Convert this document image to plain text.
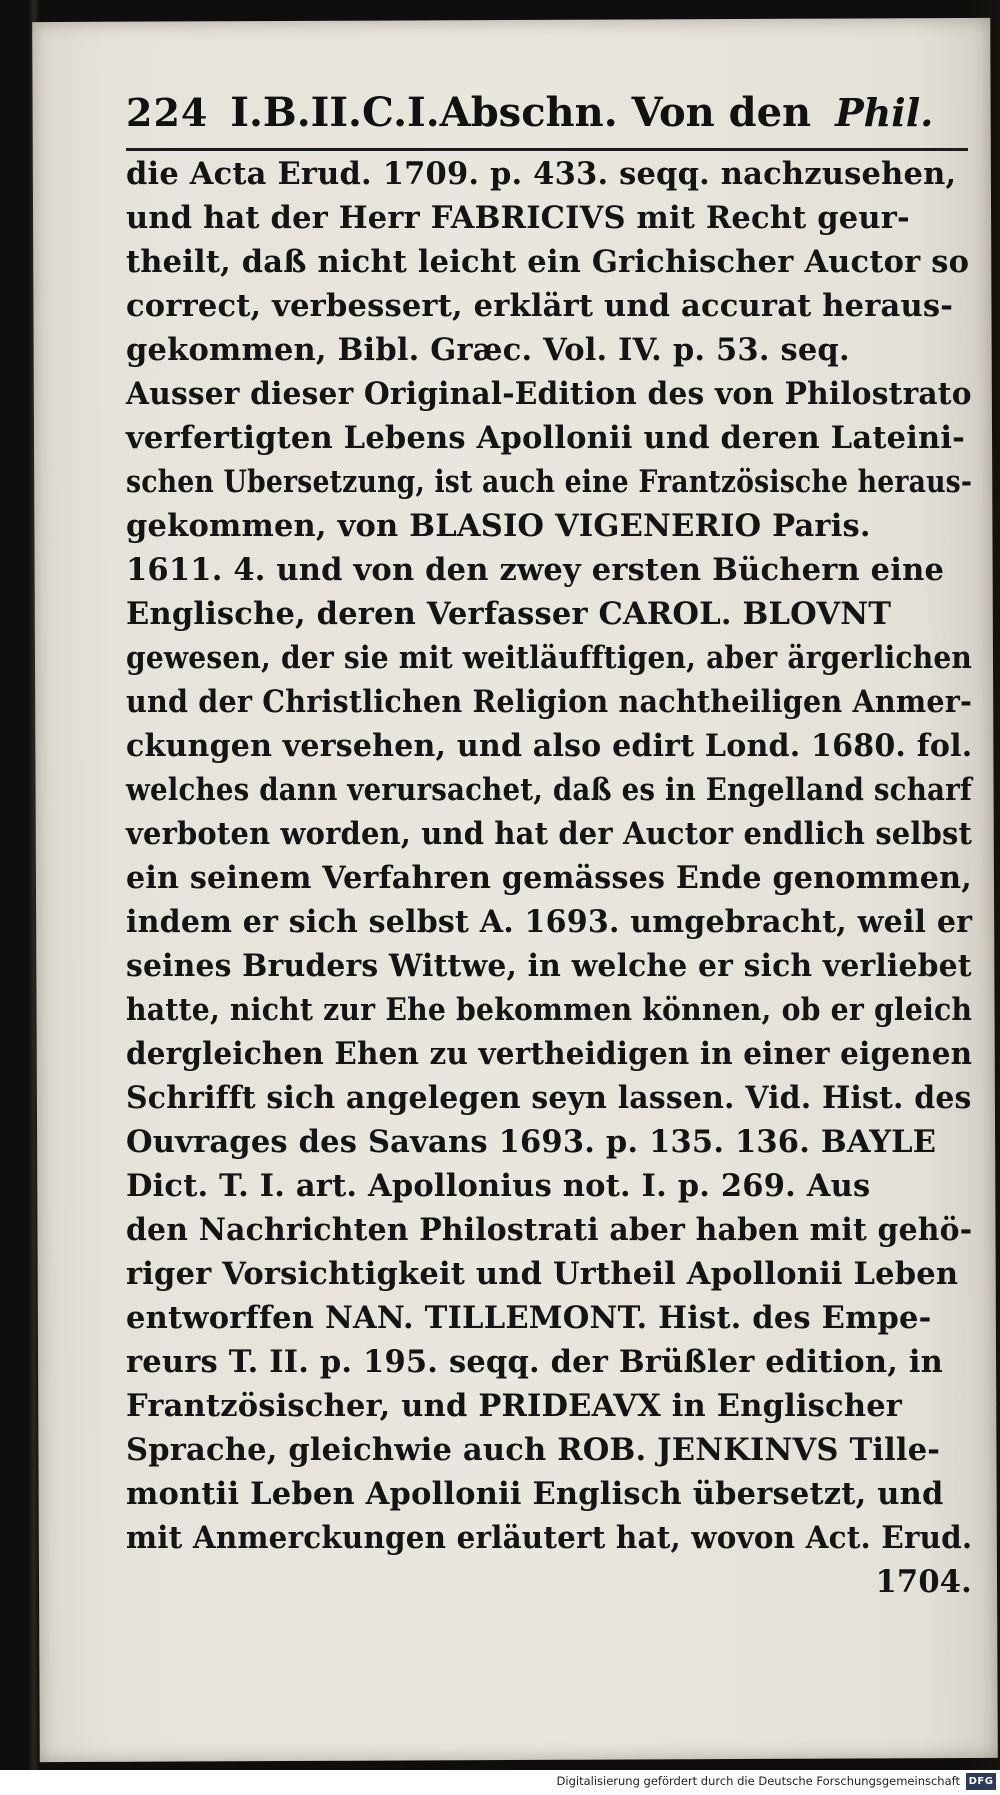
224 I.B.II.C.I.Abschn. Von den Phil.
die Acta Erud. 1709. p. 433. seqq. nachzusehen,
und hat der Herr FABRICIVS mit Recht geur-
theilt, daß nicht leicht ein Grichischer Auctor so
correct, verbessert, erklärt und accurat heraus-
gekommen, Bibl. Græc. Vol. IV. p. 53. seq.
Ausser dieser Original-Edition des von Philostrato
verfertigten Lebens Apollonii und deren Lateini-
schen Ubersetzung, ist auch eine Frantzösische heraus-
gekommen, von BLASIO VIGENERIO Paris.
1611. 4. und von den zwey ersten Büchern eine
Englische, deren Verfasser CAROL. BLOVNT
gewesen, der sie mit weitläufftigen, aber ärgerlichen
und der Christlichen Religion nachtheiligen Anmer-
ckungen versehen, und also edirt Lond. 1680. fol.
welches dann verursachet, daß es in Engelland scharf
verboten worden, und hat der Auctor endlich selbst
ein seinem Verfahren gemässes Ende genommen,
indem er sich selbst A. 1693. umgebracht, weil er
seines Bruders Wittwe, in welche er sich verliebet
hatte, nicht zur Ehe bekommen können, ob er gleich
dergleichen Ehen zu vertheidigen in einer eigenen
Schrifft sich angelegen seyn lassen. Vid. Hist. des
Ouvrages des Savans 1693. p. 135. 136. BAYLE
Dict. T. I. art. Apollonius not. I. p. 269. Aus
den Nachrichten Philostrati aber haben mit gehö-
riger Vorsichtigkeit und Urtheil Apollonii Leben
entworffen NAN. TILLEMONT. Hist. des Empe-
reurs T. II. p. 195. seqq. der Brüßler edition, in
Frantzösischer, und PRIDEAVX in Englischer
Sprache, gleichwie auch ROB. JENKINVS Tille-
montii Leben Apollonii Englisch übersetzt, und
mit Anmerckungen erläutert hat, wovon Act. Erud.
1704.
Digitalisierung gefördert durch die Deutsche Forschungsgemeinschaft DFG
